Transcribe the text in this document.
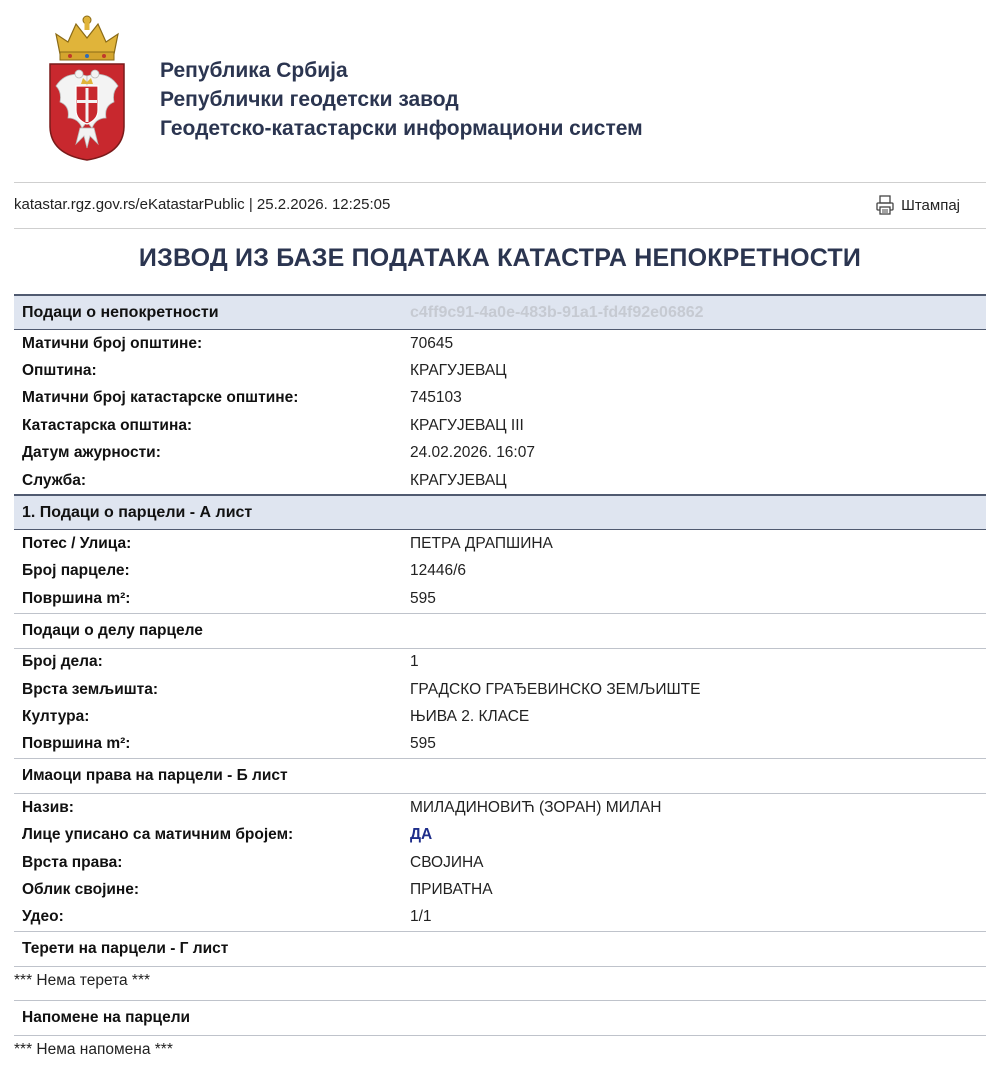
Република Србија
Републички геодетски завод
Геодетско-катастарски информациони систем
katastar.rgz.gov.rs/eKatastarPublic | 25.2.2026. 12:25:05	Штампај
ИЗВОД ИЗ БАЗЕ ПОДАТАКА КАТАСТРА НЕПОКРЕТНОСТИ
Подаци о непокретности	c4ff9c91-4a0e-483b-91a1-fd4f92e06862
Матични број општине:	70645
Општина:	КРАГУЈЕВАЦ
Матични број катастарске општине:	745103
Катастарска општина:	КРАГУЈЕВАЦ III
Датум ажурности:	24.02.2026. 16:07
Служба:	КРАГУЈЕВАЦ
1. Подаци о парцели - А лист
Потес / Улица:	ПЕТРА ДРАПШИНА
Број парцеле:	12446/6
Површина m²:	595
Подаци о делу парцеле
Број дела:	1
Врста земљишта:	ГРАДСКО ГРАЂЕВИНСКО ЗЕМЉИШТЕ
Култура:	ЊИВА 2. КЛАСЕ
Површина m²:	595
Имаоци права на парцели - Б лист
Назив:	МИЛАДИНОВИЋ (ЗОРАН) МИЛАН
Лице уписано са матичним бројем:	ДА
Врста права:	СВОЈИНА
Облик својине:	ПРИВАТНА
Удео:	1/1
Терети на парцели - Г лист
*** Нема терета ***
Напомене на парцели
*** Нема напомена ***
